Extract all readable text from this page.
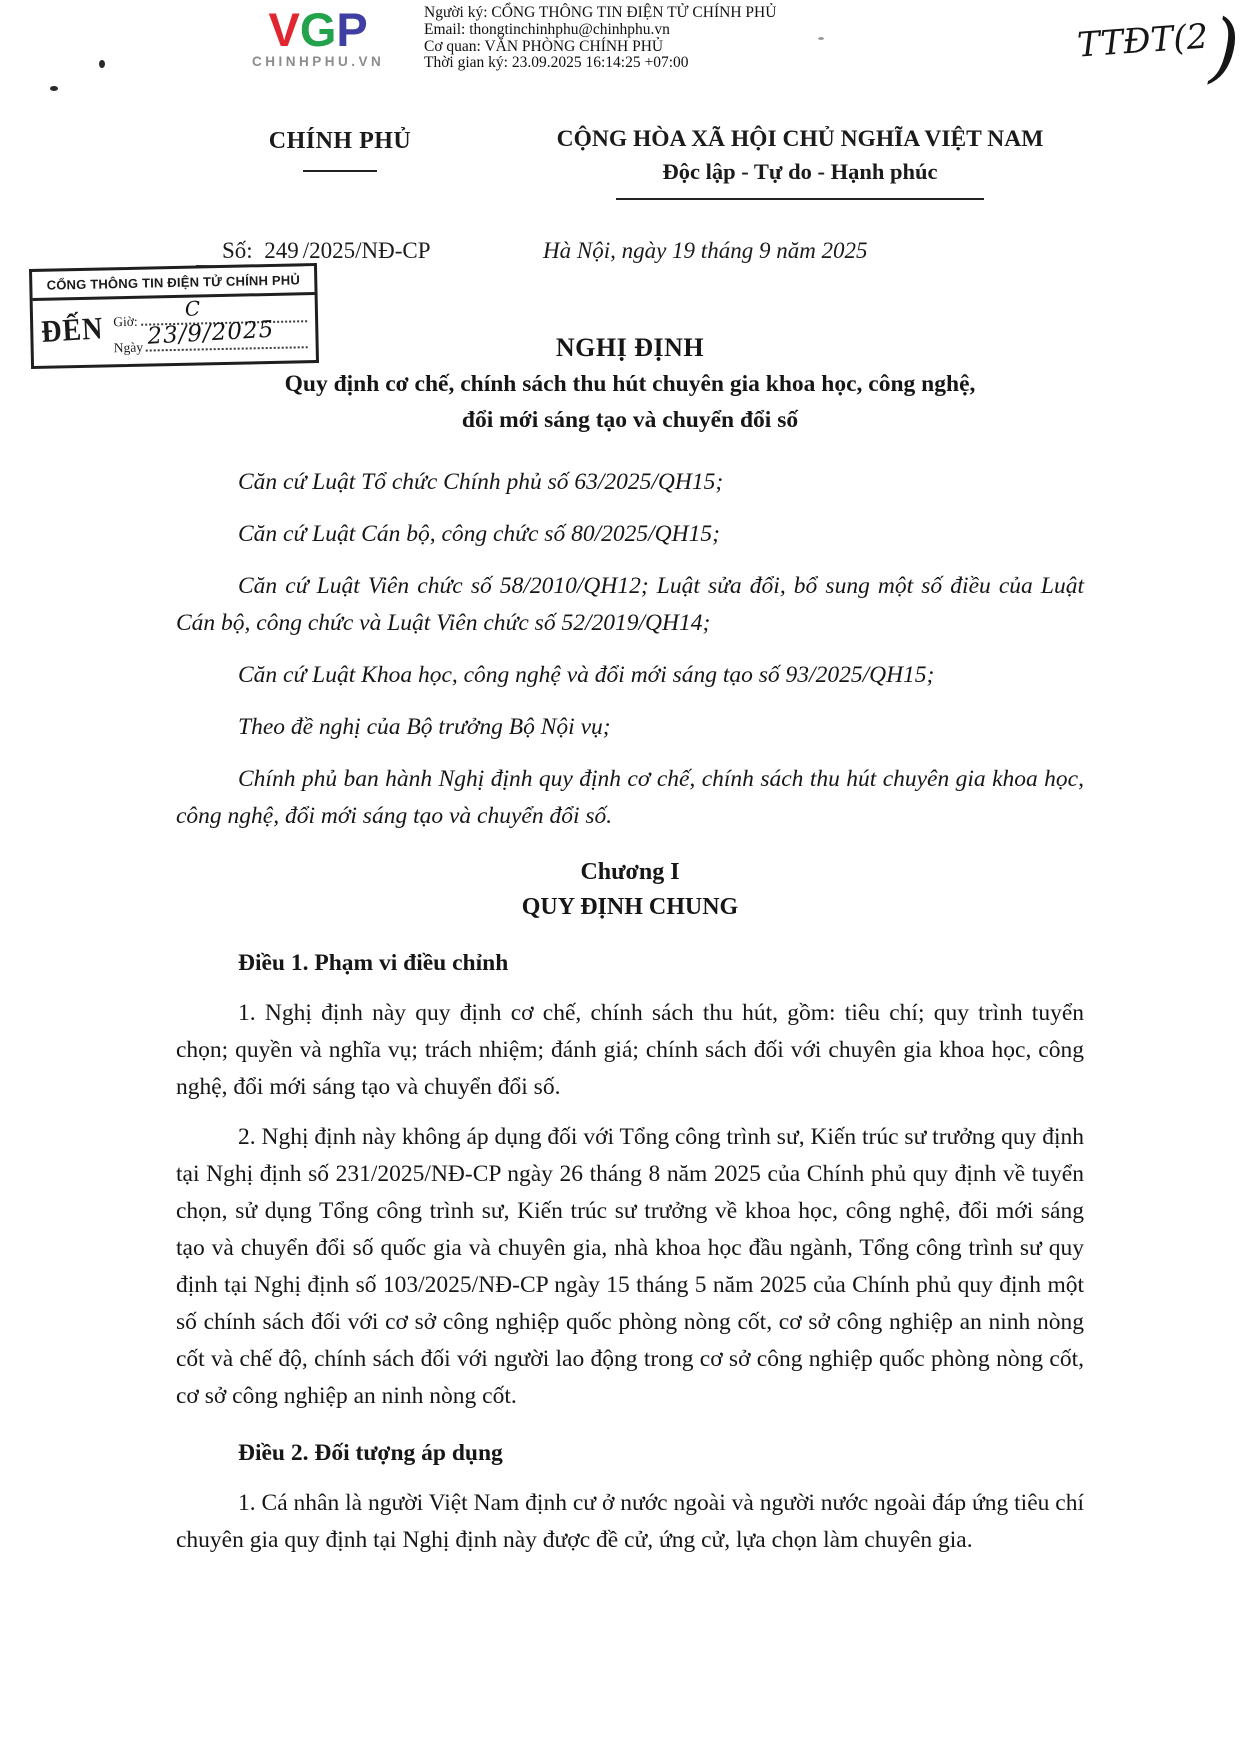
VGP
CHINHPHU.VN
Người ký: CỔNG THÔNG TIN ĐIỆN TỬ CHÍNH PHỦ
Email: thongtinchinhphu@chinhphu.vn
Cơ quan: VĂN PHÒNG CHÍNH PHỦ
Thời gian ký: 23.09.2025 16:14:25 +07:00	TTĐT(2
)
CHÍNH PHỦ	CỘNG HÒA XÃ HỘI CHỦ NGHĨA VIỆT NAM
Độc lập - Tự do - Hạnh phúc
Số: 249 /2025/NĐ-CP	Hà Nội, ngày 19 tháng 9 năm 2025
CỔNG THÔNG TIN ĐIỆN TỬ CHÍNH PHỦ
ĐẾN Giờ:
C
Ngày 23/9/2025	NGHỊ ĐỊNH
Quy định cơ chế, chính sách thu hút chuyên gia khoa học, công nghệ,
đổi mới sáng tạo và chuyển đổi số

Căn cứ Luật Tổ chức Chính phủ số 63/2025/QH15;

Căn cứ Luật Cán bộ, công chức số 80/2025/QH15;

Căn cứ Luật Viên chức số 58/2010/QH12; Luật sửa đổi, bổ sung một số điều của Luật Cán bộ, công chức và Luật Viên chức số 52/2019/QH14;

Căn cứ Luật Khoa học, công nghệ và đổi mới sáng tạo số 93/2025/QH15;

Theo đề nghị của Bộ trưởng Bộ Nội vụ;

Chính phủ ban hành Nghị định quy định cơ chế, chính sách thu hút chuyên gia khoa học, công nghệ, đổi mới sáng tạo và chuyển đổi số.

Chương I
QUY ĐỊNH CHUNG
Điều 1. Phạm vi điều chỉnh

1. Nghị định này quy định cơ chế, chính sách thu hút, gồm: tiêu chí; quy trình tuyển chọn; quyền và nghĩa vụ; trách nhiệm; đánh giá; chính sách đối với chuyên gia khoa học, công nghệ, đổi mới sáng tạo và chuyển đổi số.

2. Nghị định này không áp dụng đối với Tổng công trình sư, Kiến trúc sư trưởng quy định tại Nghị định số 231/2025/NĐ-CP ngày 26 tháng 8 năm 2025 của Chính phủ quy định về tuyển chọn, sử dụng Tổng công trình sư, Kiến trúc sư trưởng về khoa học, công nghệ, đổi mới sáng tạo và chuyển đổi số quốc gia và chuyên gia, nhà khoa học đầu ngành, Tổng công trình sư quy định tại Nghị định số 103/2025/NĐ-CP ngày 15 tháng 5 năm 2025 của Chính phủ quy định một số chính sách đối với cơ sở công nghiệp quốc phòng nòng cốt, cơ sở công nghiệp an ninh nòng cốt và chế độ, chính sách đối với người lao động trong cơ sở công nghiệp quốc phòng nòng cốt, cơ sở công nghiệp an ninh nòng cốt.

Điều 2. Đối tượng áp dụng

1. Cá nhân là người Việt Nam định cư ở nước ngoài và người nước ngoài đáp ứng tiêu chí chuyên gia quy định tại Nghị định này được đề cử, ứng cử, lựa chọn làm chuyên gia.
